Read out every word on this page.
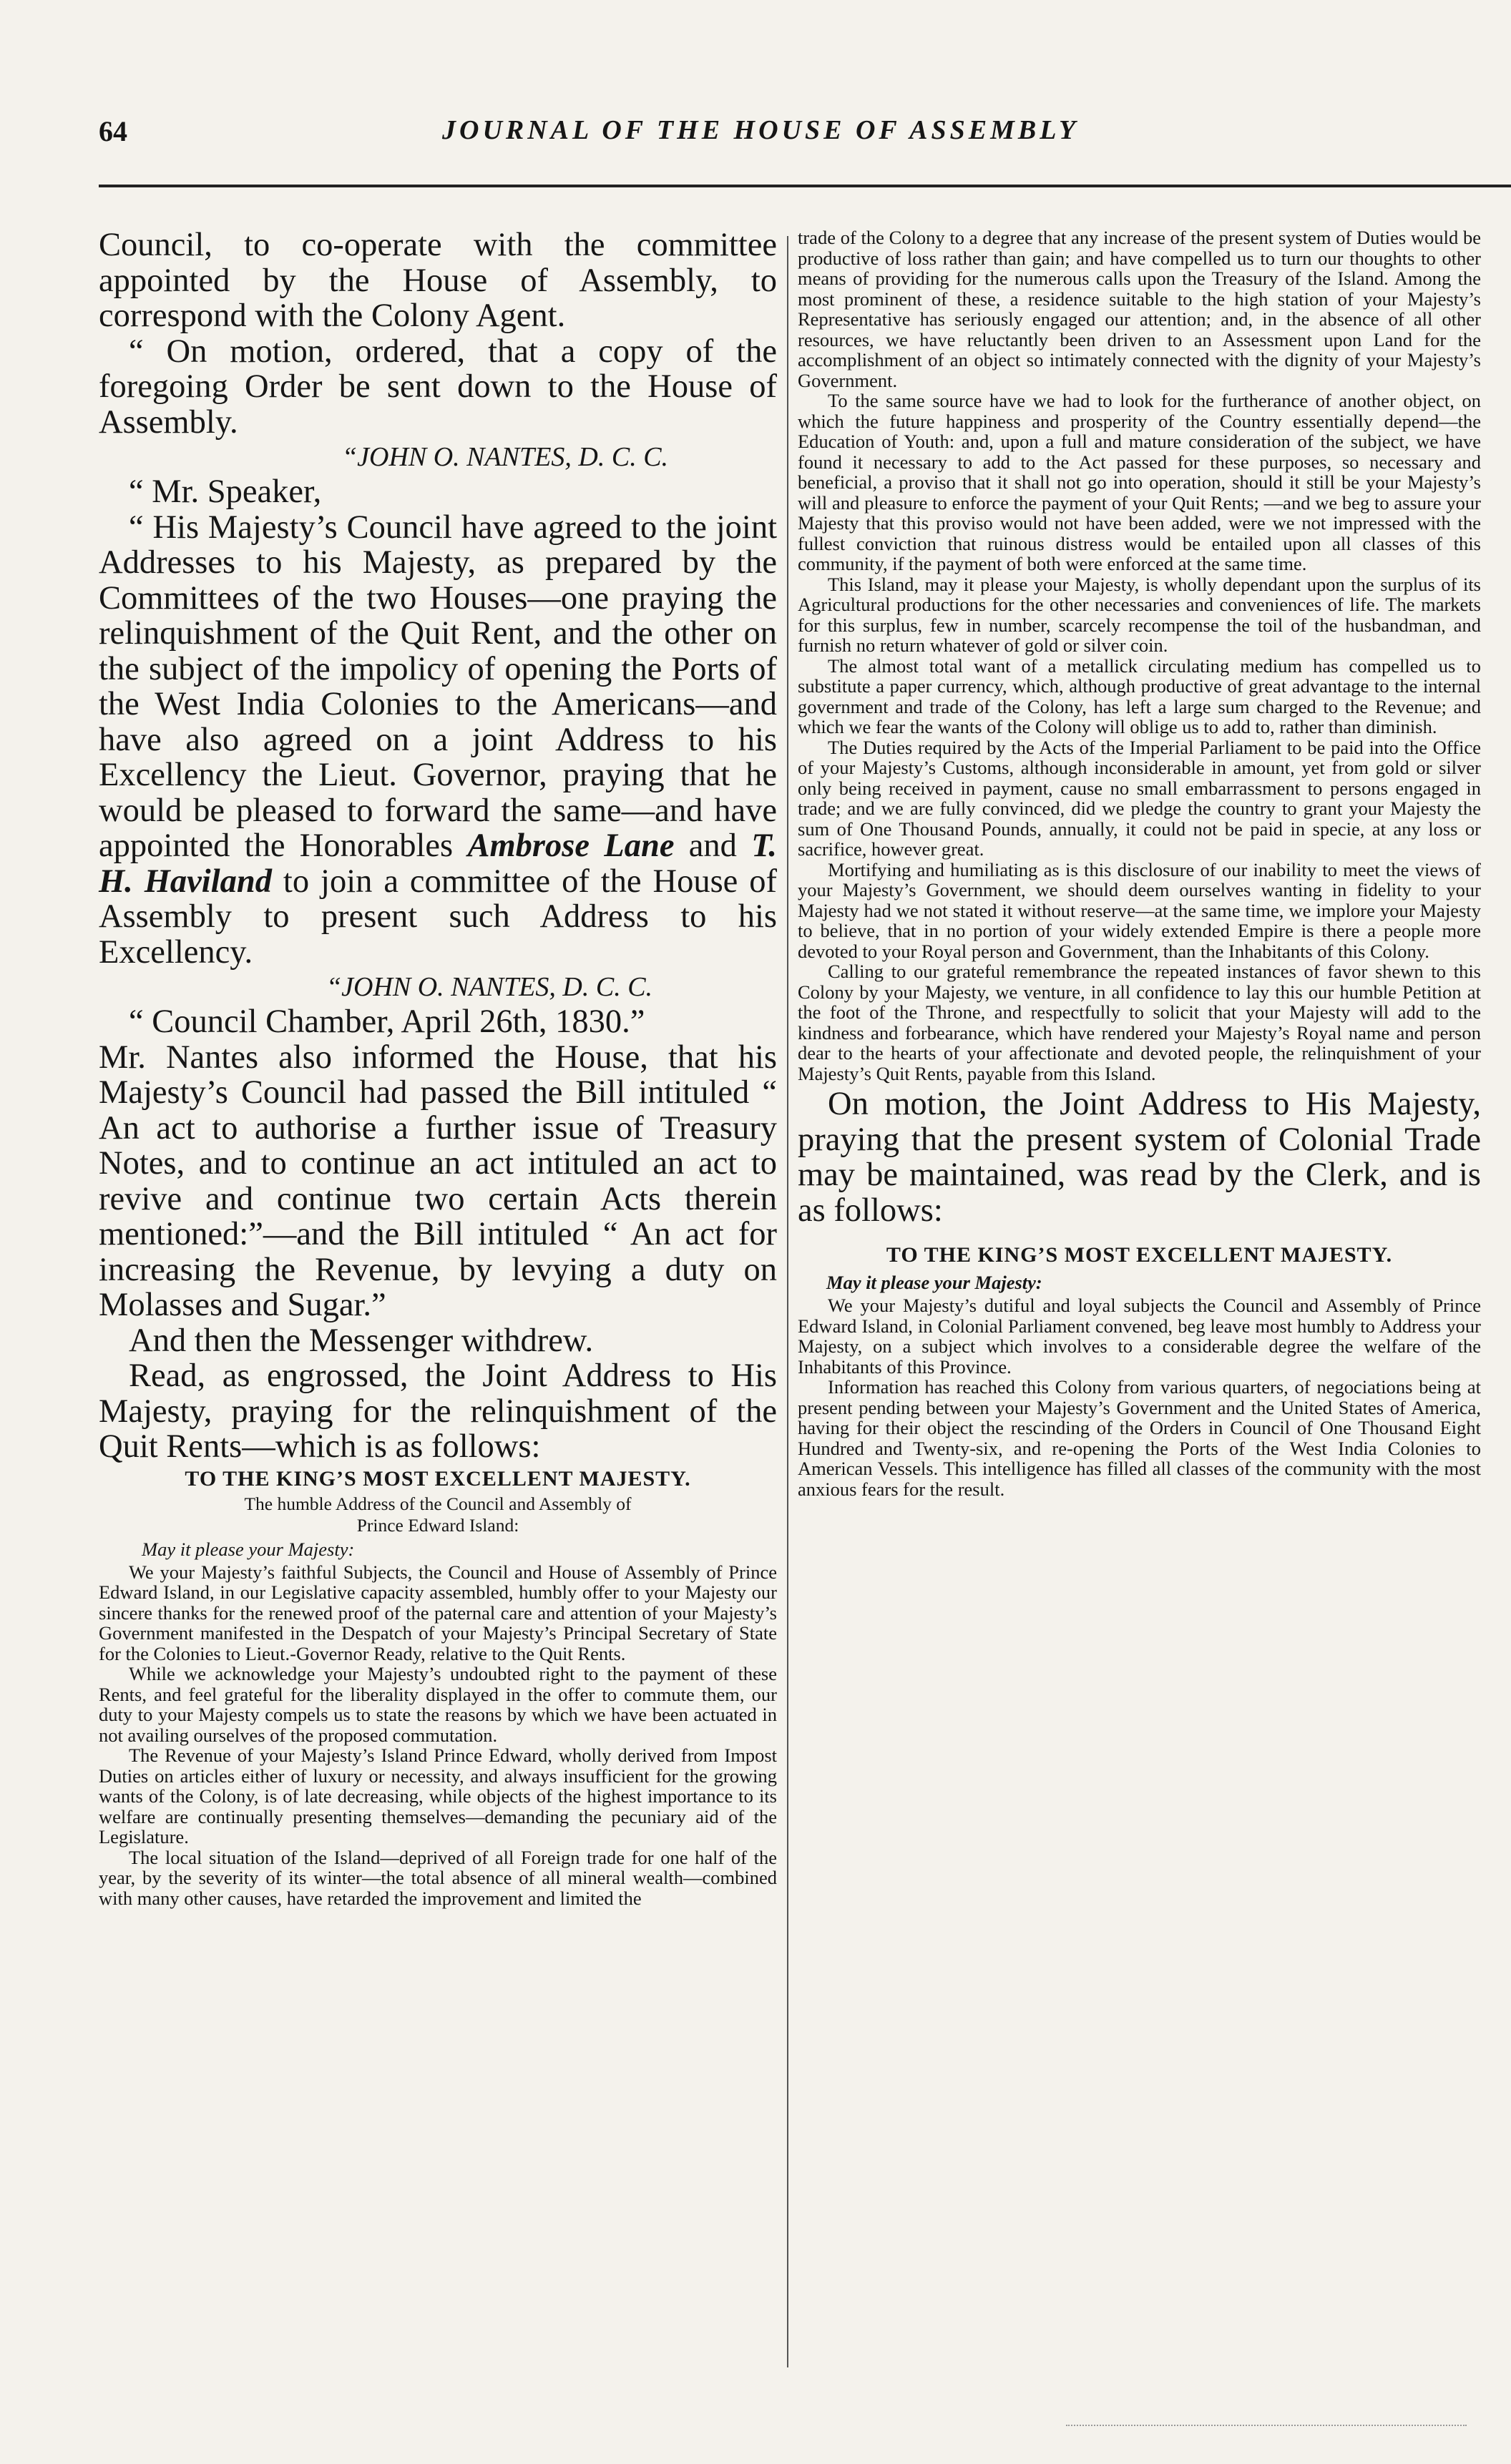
64	JOURNAL OF THE HOUSE OF ASSEMBLY

Council, to co-operate with the committee appointed by the House of Assembly, to correspond with the Colony Agent.

“ On motion, ordered, that a copy of the foregoing Order be sent down to the House of Assembly.

“JOHN O. NANTES, D. C. C.

“ Mr. Speaker,

“ His Majesty’s Council have agreed to the joint Addresses to his Majesty, as prepared by the Committees of the two Houses—one praying the relinquishment of the Quit Rent, and the other on the subject of the impolicy of opening the Ports of the West India Colonies to the Americans—and have also agreed on a joint Address to his Excellency the Lieut. Governor, praying that he would be pleased to forward the same—and have appointed the Honorables Ambrose Lane and T. H. Haviland to join a committee of the House of Assembly to present such Address to his Excellency.

“JOHN O. NANTES, D. C. C.

“ Council Chamber, April 26th, 1830.”

Mr. Nantes also informed the House, that his Majesty’s Council had passed the Bill intituled “ An act to authorise a further issue of Treasury Notes, and to continue an act intituled an act to revive and continue two certain Acts therein mentioned:”—and the Bill intituled “ An act for increasing the Revenue, by levying a duty on Molasses and Sugar.”

And then the Messenger withdrew.

Read, as engrossed, the Joint Address to His Majesty, praying for the relinquishment of the Quit Rents—which is as follows:

TO THE KING’S MOST EXCELLENT MAJESTY.

The humble Address of the Council and Assembly of

Prince Edward Island:

May it please your Majesty:

We your Majesty’s faithful Subjects, the Council and House of Assembly of Prince Edward Island, in our Legislative capacity assembled, humbly offer to your Majesty our sincere thanks for the renewed proof of the paternal care and attention of your Majesty’s Government manifested in the Despatch of your Majesty’s Principal Secretary of State for the Colonies to Lieut.-Governor Ready, relative to the Quit Rents.

While we acknowledge your Majesty’s undoubted right to the payment of these Rents, and feel grateful for the liberality displayed in the offer to commute them, our duty to your Majesty compels us to state the reasons by which we have been actuated in not availing ourselves of the proposed commutation.

The Revenue of your Majesty’s Island Prince Edward, wholly derived from Impost Duties on articles either of luxury or necessity, and always insufficient for the growing wants of the Colony, is of late decreasing, while objects of the highest importance to its welfare are continually presenting themselves—demanding the pecuniary aid of the Legislature.

The local situation of the Island—deprived of all Foreign trade for one half of the year, by the severity of its winter—the total absence of all mineral wealth—combined with many other causes, have retarded the improvement and limited the

trade of the Colony to a degree that any increase of the present system of Duties would be productive of loss rather than gain; and have compelled us to turn our thoughts to other means of providing for the numerous calls upon the Treasury of the Island. Among the most prominent of these, a residence suitable to the high station of your Majesty’s Representative has seriously engaged our attention; and, in the absence of all other resources, we have reluctantly been driven to an Assessment upon Land for the accomplishment of an object so intimately connected with the dignity of your Majesty’s Government.

To the same source have we had to look for the furtherance of another object, on which the future happiness and prosperity of the Country essentially depend—the Education of Youth: and, upon a full and mature consideration of the subject, we have found it necessary to add to the Act passed for these purposes, so necessary and beneficial, a proviso that it shall not go into operation, should it still be your Majesty’s will and pleasure to enforce the payment of your Quit Rents; —and we beg to assure your Majesty that this proviso would not have been added, were we not impressed with the fullest conviction that ruinous distress would be entailed upon all classes of this community, if the payment of both were enforced at the same time.

This Island, may it please your Majesty, is wholly dependant upon the surplus of its Agricultural productions for the other necessaries and conveniences of life. The markets for this surplus, few in number, scarcely recompense the toil of the husbandman, and furnish no return whatever of gold or silver coin.

The almost total want of a metallick circulating medium has compelled us to substitute a paper currency, which, although productive of great advantage to the internal government and trade of the Colony, has left a large sum charged to the Revenue; and which we fear the wants of the Colony will oblige us to add to, rather than diminish.

The Duties required by the Acts of the Imperial Parliament to be paid into the Office of your Majesty’s Customs, although inconsiderable in amount, yet from gold or silver only being received in payment, cause no small embarrassment to persons engaged in trade; and we are fully convinced, did we pledge the country to grant your Majesty the sum of One Thousand Pounds, annually, it could not be paid in specie, at any loss or sacrifice, however great.

Mortifying and humiliating as is this disclosure of our inability to meet the views of your Majesty’s Government, we should deem ourselves wanting in fidelity to your Majesty had we not stated it without reserve—at the same time, we implore your Majesty to believe, that in no portion of your widely extended Empire is there a people more devoted to your Royal person and Government, than the Inhabitants of this Colony.

Calling to our grateful remembrance the repeated instances of favor shewn to this Colony by your Majesty, we venture, in all confidence to lay this our humble Petition at the foot of the Throne, and respectfully to solicit that your Majesty will add to the kindness and forbearance, which have rendered your Majesty’s Royal name and person dear to the hearts of your affectionate and devoted people, the relinquishment of your Majesty’s Quit Rents, payable from this Island.

On motion, the Joint Address to His Majesty, praying that the present system of Colonial Trade may be maintained, was read by the Clerk, and is as follows:

TO THE KING’S MOST EXCELLENT MAJESTY.

May it please your Majesty:

We your Majesty’s dutiful and loyal subjects the Council and Assembly of Prince Edward Island, in Colonial Parliament convened, beg leave most humbly to Address your Majesty, on a subject which involves to a considerable degree the welfare of the Inhabitants of this Province.

Information has reached this Colony from various quarters, of negociations being at present pending between your Majesty’s Government and the United States of America, having for their object the rescinding of the Orders in Council of One Thousand Eight Hundred and Twenty-six, and re-opening the Ports of the West India Colonies to American Vessels. This intelligence has filled all classes of the community with the most anxious fears for the result.
